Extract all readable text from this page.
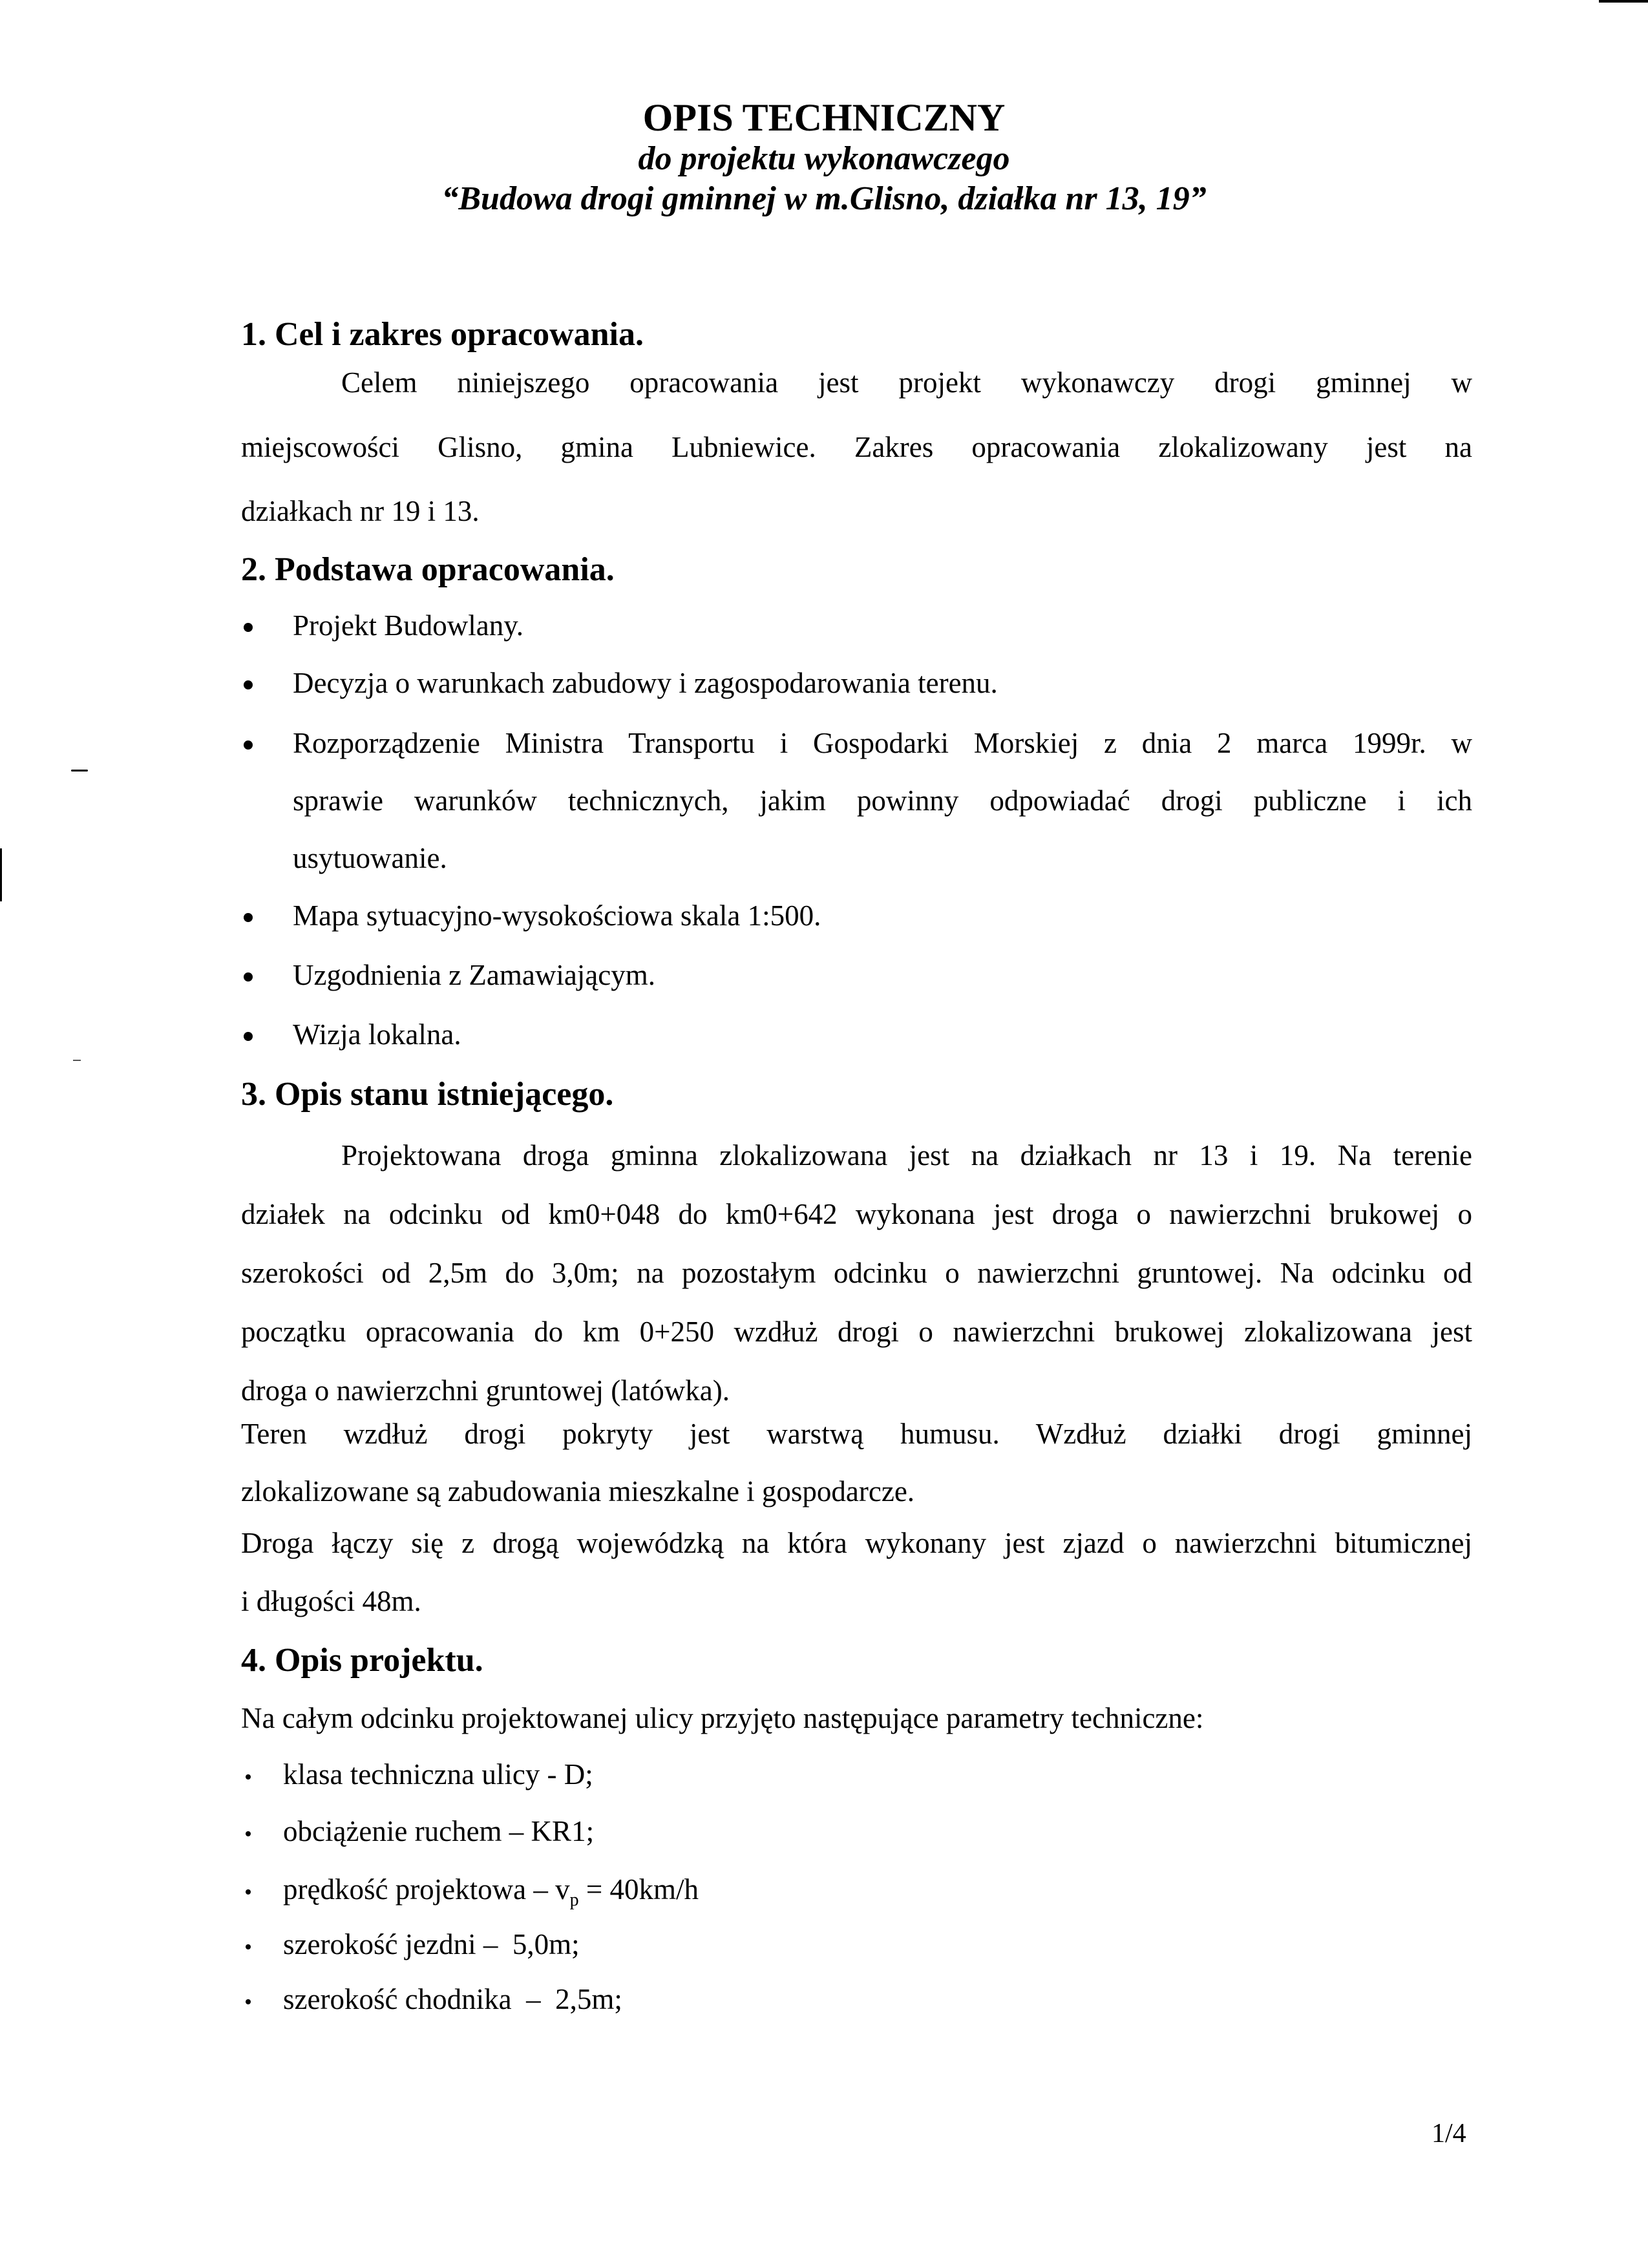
OPIS TECHNICZNY
do projektu wykonawczego
“Budowa drogi gminnej w m.Glisno, działka nr 13, 19”
1. Cel i zakres opracowania.
Celem niniejszego opracowania jest projekt wykonawczy drogi gminnej w
miejscowości Glisno, gmina Lubniewice. Zakres opracowania zlokalizowany jest na
działkach nr 19 i 13.
2. Podstawa opracowania.
Projekt Budowlany.
Decyzja o warunkach zabudowy i zagospodarowania terenu.
Rozporządzenie Ministra Transportu i Gospodarki Morskiej z dnia 2 marca 1999r. w
sprawie warunków technicznych, jakim powinny odpowiadać drogi publiczne i ich
usytuowanie.
Mapa sytuacyjno-wysokościowa skala 1:500.
Uzgodnienia z Zamawiającym.
Wizja lokalna.
3. Opis stanu istniejącego.
Projektowana droga gminna zlokalizowana jest na działkach nr 13 i 19. Na terenie
działek na odcinku od km0+048 do km0+642 wykonana jest droga o nawierzchni brukowej o
szerokości od 2,5m do 3,0m; na pozostałym odcinku o nawierzchni gruntowej. Na odcinku od
początku opracowania do km 0+250 wzdłuż drogi o nawierzchni brukowej zlokalizowana jest
droga o nawierzchni gruntowej (latówka).
Teren wzdłuż drogi pokryty jest warstwą humusu. Wzdłuż działki drogi gminnej
zlokalizowane są zabudowania mieszkalne i gospodarcze.
Droga łączy się z drogą wojewódzką na która wykonany jest zjazd o nawierzchni bitumicznej
i długości 48m.
4. Opis projektu.
Na całym odcinku projektowanej ulicy przyjęto następujące parametry techniczne:
klasa techniczna ulicy - D;
obciążenie ruchem – KR1;
prędkość projektowa – $v_p = 40km/h$
szerokość jezdni –  5,0m;
szerokość chodnika  –  2,5m;
1/4
